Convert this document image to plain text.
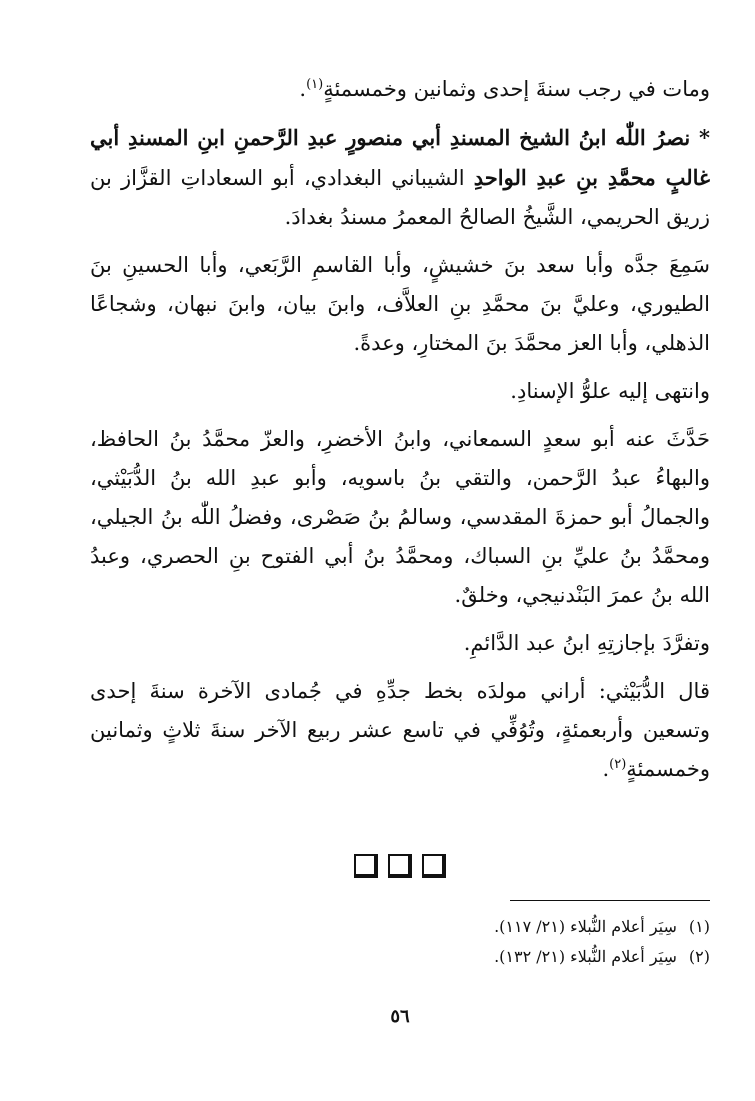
ومات في رجب سنةَ إحدى وثمانين وخمسمئةٍ$^{(١)}$.

* نصرُ اللّٰه ابنُ الشيخ المسندِ أبي منصورٍ عبدِ الرَّحمنِ ابنِ المسندِ أبي غالبٍ محمَّدِ بنِ عبدِ الواحدِ الشيباني البغدادي، أبو السعاداتِ القزَّاز بن زريق الحريمي، الشَّيخُ الصالحُ المعمرُ مسندُ بغدادَ.

سَمِعَ جدَّه وأبا سعد بنَ خشيشٍ، وأبا القاسمِ الرَّبَعي، وأبا الحسينِ بنَ الطيوري، وعليَّ بنَ محمَّدِ بنِ العلاَّف، وابنَ بيان، وابنَ نبهان، وشجاعًا الذهلي، وأبا العز محمَّدَ بنَ المختارِ، وعدةً.

وانتهى إليه علوُّ الإسنادِ.

حَدَّثَ عنه أبو سعدٍ السمعاني، وابنُ الأخضرِ، والعزّ محمَّدُ بنُ الحافظ، والبهاءُ عبدُ الرَّحمن، والتقي بنُ باسويه، وأبو عبدِ الله بنُ الدُّبَيْثي، والجمالُ أبو حمزةَ المقدسي، وسالمُ بنُ صَصْرى، وفضلُ اللّٰه بنُ الجيلي، ومحمَّدُ بنُ عليِّ بنِ السباك، ومحمَّدُ بنُ أبي الفتوح بنِ الحصري، وعبدُ الله بنُ عمرَ البَنْدنيجي، وخلقٌ.

وتفرَّدَ بإجازتِهِ ابنُ عبد الدَّائمِ.

قال الدُّبَيْثي: أراني مولدَه بخط جدِّهِ في جُمادى الآخرة سنةَ إحدى وتسعين وأربعمئةٍ، وتُوُفِّي في تاسع عشر ربيع الآخر سنةَ ثلاثٍ وثمانين وخمسمئةٍ$^{(٢)}$.

(١)سِيَر أعلام النُّبلاء (٢١/ ١١٧).

(٢)سِيَر أعلام النُّبلاء (٢١/ ١٣٢).

٥٦
